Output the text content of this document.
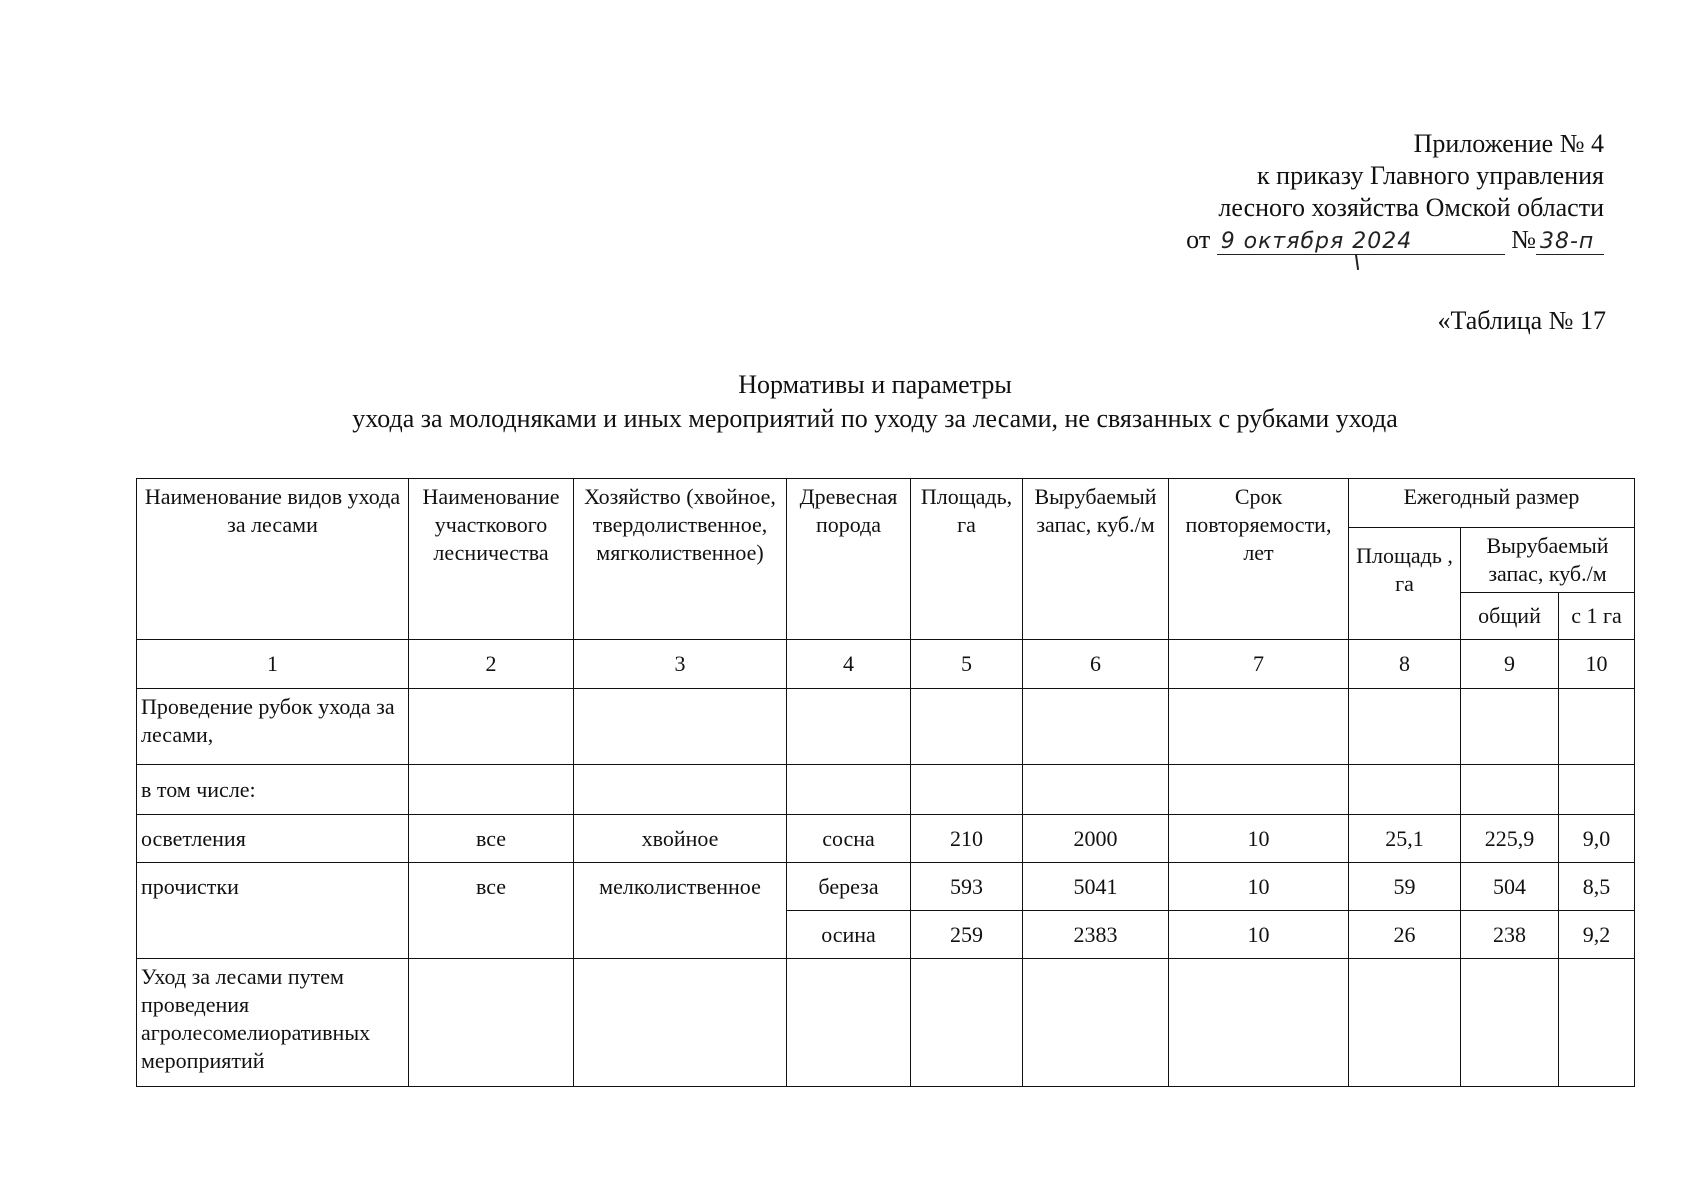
Приложение № 4
к приказу Главного управления
лесного хозяйства Омской области
от 9 октября 2024	№ 38-п
«Таблица № 17
Нормативы и параметры
ухода за молодняками и иных мероприятий по уходу за лесами, не связанных с рубками ухода
Наименование видов ухода за лесами	Наименование участкового лесничества	Хозяйство (хвойное, твердолиственное, мягколиственное)	Древесная порода	Площадь, га	Вырубаемый запас, куб./м	Срок повторяемости, лет	Ежегодный размер		
							Площадь , га	Вырубаемый запас, куб./м	
								общий	с 1 га
1	2	3	4	5	6	7	8	9	10
Проведение рубок ухода за лесами,									
в том числе:									
осветления	все	хвойное	сосна	210	2000	10	25,1	225,9	9,0
прочистки	все	мелколиственное	береза	593	5041	10	59	504	8,5
			осина	259	2383	10	26	238	9,2
Уход за лесами путем проведения агролесомелиоративных мероприятий									
